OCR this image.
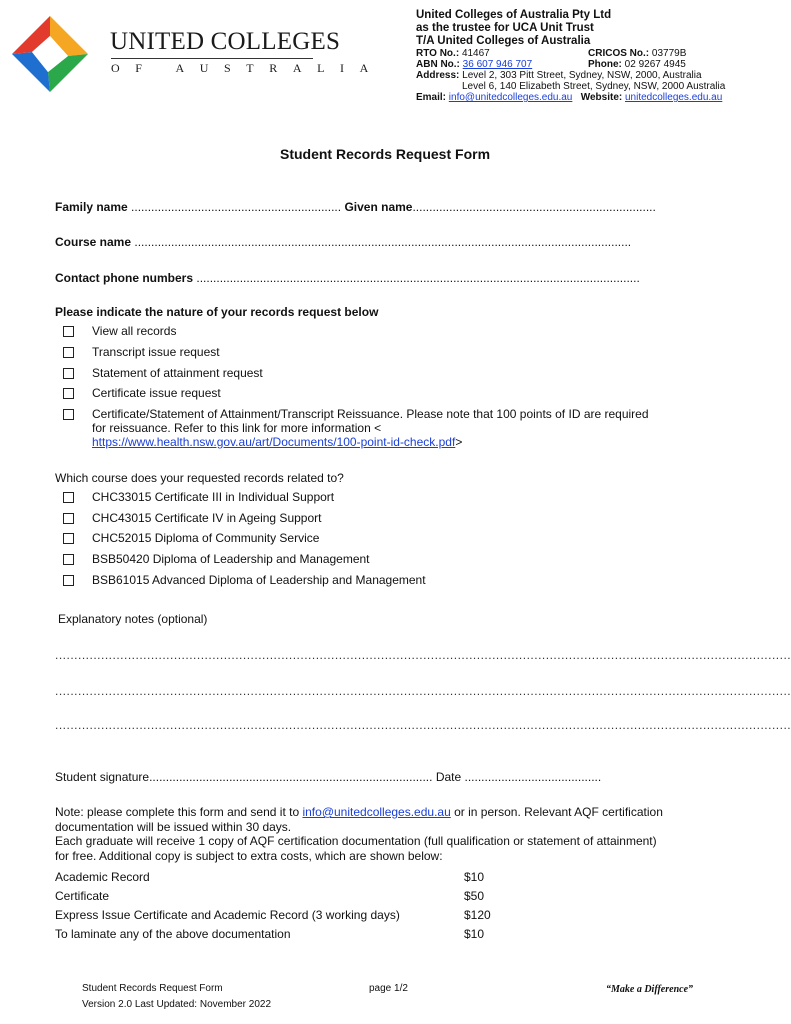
UNITED COLLEGES
OF AUSTRALIA
United Colleges of Australia Pty Ltd
as the trustee for UCA Unit Trust
T/A United Colleges of Australia
RTO No.: 41467	CRICOS No.: 03779B
ABN No.: 36 607 946 707	Phone: 02 9267 4945
Address: Level 2, 303 Pitt Street, Sydney, NSW, 2000, Australia
Level 6, 140 Elizabeth Street, Sydney, NSW, 2000 Australia
Email: info@unitedcolleges.edu.au Website: unitedcolleges.edu.au
Student Records Request Form
Family name ............................................................... Given name.........................................................................
Course name .....................................................................................................................................................
Contact phone numbers .....................................................................................................................................
Please indicate the nature of your records request below
View all records
Transcript issue request
Statement of attainment request
Certificate issue request
Certificate/Statement of Attainment/Transcript Reissuance. Please note that 100 points of ID are required
for reissuance. Refer to this link for more information <
https://www.health.nsw.gov.au/art/Documents/100-point-id-check.pdf>
Which course does your requested records related to?
CHC33015 Certificate III in Individual Support
CHC43015 Certificate IV in Ageing Support
CHC52015 Diploma of Community Service
BSB50420 Diploma of Leadership and Management
BSB61015 Advanced Diploma of Leadership and Management
Explanatory notes (optional)
................................................................................................................................................................................................
................................................................................................................................................................................................
................................................................................................................................................................................................
Student signature..................................................................................... Date .........................................
Note: please complete this form and send it to info@unitedcolleges.edu.au or in person. Relevant AQF certification
documentation will be issued within 30 days.
Each graduate will receive 1 copy of AQF certification documentation (full qualification or statement of attainment)
for free. Additional copy is subject to extra costs, which are shown below:
Academic Record	$10
Certificate	$50
Express Issue Certificate and Academic Record (3 working days)	$120
To laminate any of the above documentation	$10
Student Records Request Form
Version 2.0 Last Updated: November 2022
page 1/2	“Make a Difference”
